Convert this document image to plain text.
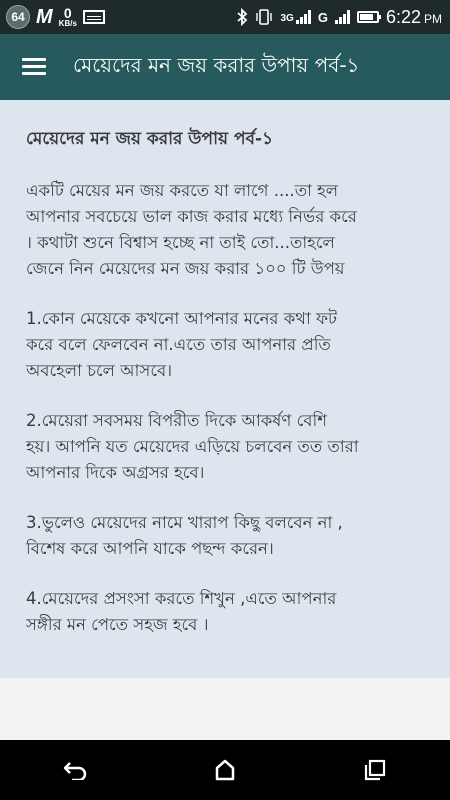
64 M 0
KB/s	3G G	6:22 PM
মেয়েদের মন জয় করার উপায় পর্ব-১
মেয়েদের মন জয় করার উপায় পর্ব-১
একটি মেয়ের মন জয় করতে যা লাগে ....তা হল
আপনার সবচেয়ে ভাল কাজ করার মধ্যে নির্ভর করে
। কথাটা শুনে বিশ্বাস হচ্ছে না তাই তো...তাহলে
জেনে নিন মেয়েদের মন জয় করার ১০০ টি উপয়
1.কোন মেয়েকে কখনো আপনার মনের কথা ফট
করে বলে ফেলবেন না.এতে তার আপনার প্রতি
অবহেলা চলে আসবে।
2.মেয়েরা সবসময় বিপরীত দিকে আকর্ষণ বেশি
হয়। আপনি যত মেয়েদের এড়িয়ে চলবেন তত তারা
আপনার দিকে অগ্রসর হবে।
3.ভুলেও মেয়েদের নামে খারাপ কিছু বলবেন না ,
বিশেষ করে আপনি যাকে পছন্দ করেন।
4.মেয়েদের প্রসংসা করতে শিখুন ,এতে আপনার
সঙ্গীর মন পেতে সহজ হবে ।
